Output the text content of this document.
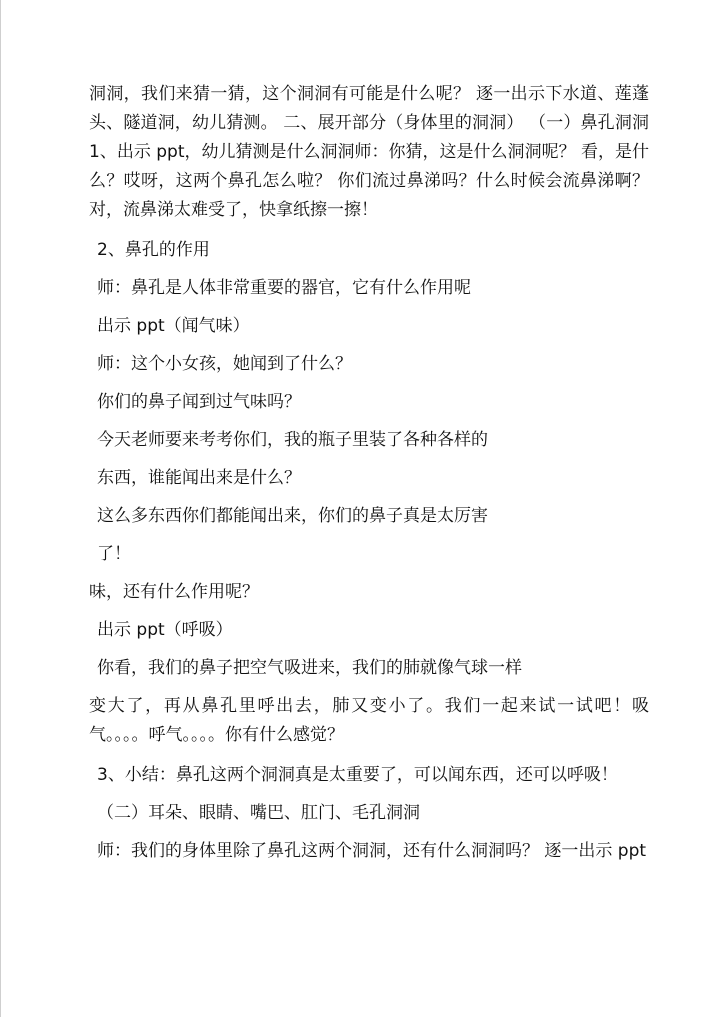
洞洞，我们来猜一猜，这个洞洞有可能是什么呢？ 逐一出示下水道、莲蓬头、隧道洞，幼儿猜测。 二、展开部分（身体里的洞洞） （一）鼻孔洞洞 1、出示 ppt，幼儿猜测是什么洞洞师：你猜，这是什么洞洞呢？ 看，是什么？哎呀，这两个鼻孔怎么啦？ 你们流过鼻涕吗？什么时候会流鼻涕啊？ 对，流鼻涕太难受了，快拿纸擦一擦！

2、鼻孔的作用

师：鼻孔是人体非常重要的器官，它有什么作用呢

出示 ppt（闻气味）

师：这个小女孩，她闻到了什么？

你们的鼻子闻到过气味吗？

今天老师要来考考你们，我的瓶子里装了各种各样的

东西，谁能闻出来是什么？

这么多东西你们都能闻出来，你们的鼻子真是太厉害

了！

味，还有什么作用呢？

出示 ppt（呼吸）

你看，我们的鼻子把空气吸进来，我们的肺就像气球一样

变大了，再从鼻孔里呼出去，肺又变小了。我们一起来试一试吧！吸气。。。。呼气。。。。你有什么感觉？

3、小结：鼻孔这两个洞洞真是太重要了，可以闻东西，还可以呼吸！

（二）耳朵、眼睛、嘴巴、肛门、毛孔洞洞

师：我们的身体里除了鼻孔这两个洞洞，还有什么洞洞吗？ 逐一出示 ppt
